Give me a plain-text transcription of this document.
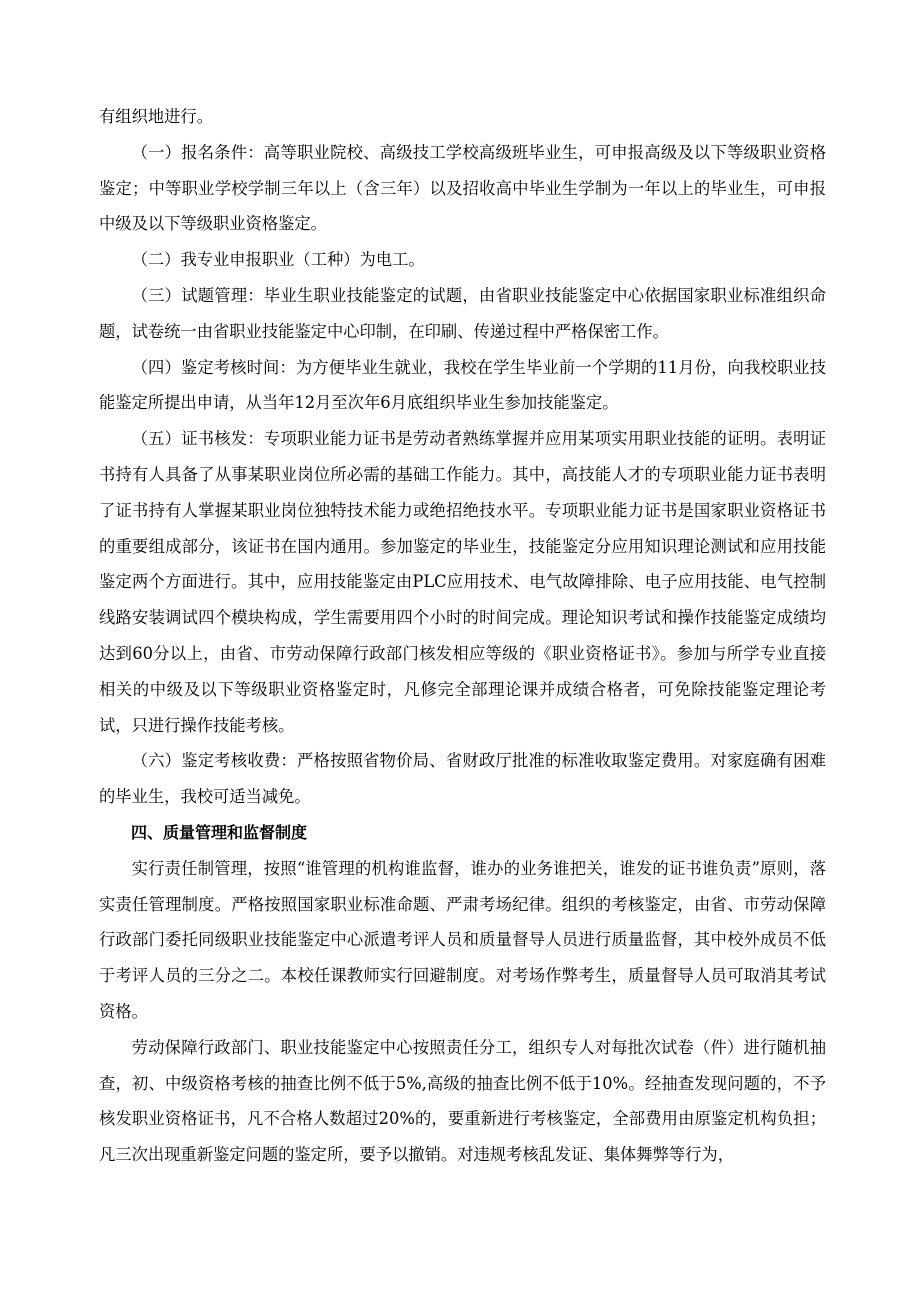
有组织地进行。

（一）报名条件：高等职业院校、高级技工学校高级班毕业生，可申报高级及以下等级职业资格鉴定；中等职业学校学制三年以上（含三年）以及招收高中毕业生学制为一年以上的毕业生，可申报中级及以下等级职业资格鉴定。

（二）我专业申报职业（工种）为电工。

（三）试题管理：毕业生职业技能鉴定的试题，由省职业技能鉴定中心依据国家职业标准组织命题，试卷统一由省职业技能鉴定中心印制，在印刷、传递过程中严格保密工作。

（四）鉴定考核时间：为方便毕业生就业，我校在学生毕业前一个学期的11月份，向我校职业技能鉴定所提出申请，从当年12月至次年6月底组织毕业生参加技能鉴定。

（五）证书核发：专项职业能力证书是劳动者熟练掌握并应用某项实用职业技能的证明。表明证书持有人具备了从事某职业岗位所必需的基础工作能力。其中，高技能人才的专项职业能力证书表明了证书持有人掌握某职业岗位独特技术能力或绝招绝技水平。专项职业能力证书是国家职业资格证书的重要组成部分，该证书在国内通用。参加鉴定的毕业生，技能鉴定分应用知识理论测试和应用技能鉴定两个方面进行。其中，应用技能鉴定由PLC应用技术、电气故障排除、电子应用技能、电气控制线路安装调试四个模块构成，学生需要用四个小时的时间完成。理论知识考试和操作技能鉴定成绩均达到60分以上，由省、市劳动保障行政部门核发相应等级的《职业资格证书》。参加与所学专业直接相关的中级及以下等级职业资格鉴定时，凡修完全部理论课并成绩合格者，可免除技能鉴定理论考试，只进行操作技能考核。

（六）鉴定考核收费：严格按照省物价局、省财政厅批准的标准收取鉴定费用。对家庭确有困难的毕业生，我校可适当减免。

四、质量管理和监督制度

实行责任制管理，按照“谁管理的机构谁监督，谁办的业务谁把关，谁发的证书谁负责”原则，落实责任管理制度。严格按照国家职业标准命题、严肃考场纪律。组织的考核鉴定，由省、市劳动保障行政部门委托同级职业技能鉴定中心派遣考评人员和质量督导人员进行质量监督，其中校外成员不低于考评人员的三分之二。本校任课教师实行回避制度。对考场作弊考生，质量督导人员可取消其考试资格。

劳动保障行政部门、职业技能鉴定中心按照责任分工，组织专人对每批次试卷（件）进行随机抽查，初、中级资格考核的抽查比例不低于5%,高级的抽查比例不低于10%。经抽查发现问题的，不予核发职业资格证书，凡不合格人数超过20%的，要重新进行考核鉴定，全部费用由原鉴定机构负担；凡三次出现重新鉴定问题的鉴定所，要予以撤销。对违规考核乱发证、集体舞弊等行为，
